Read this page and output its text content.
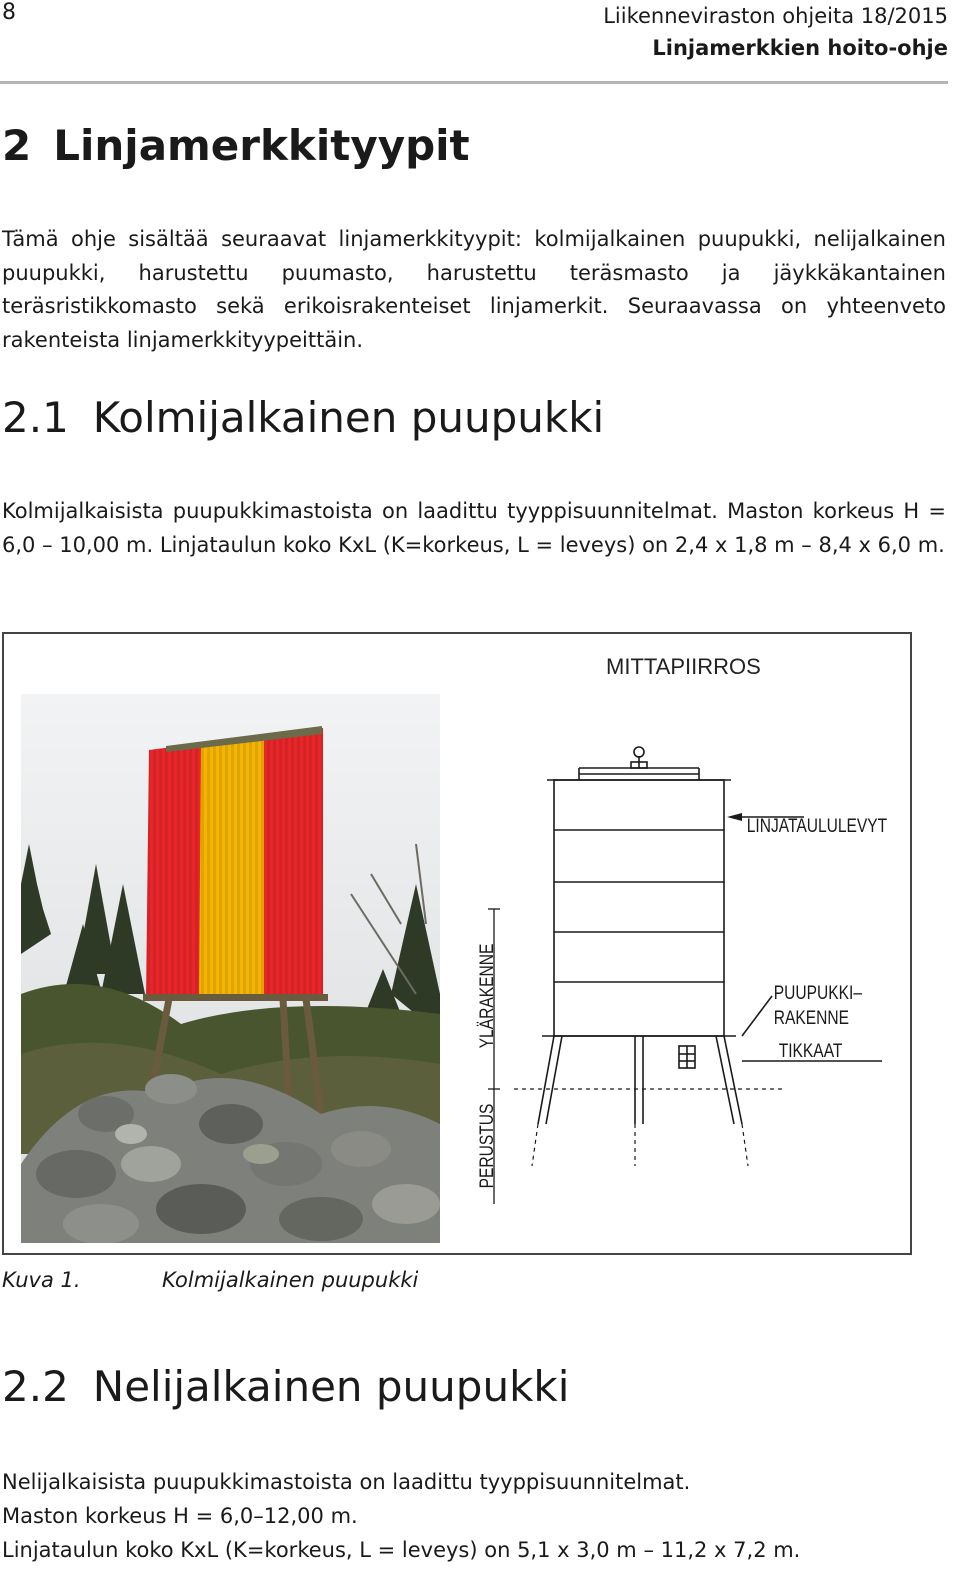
8	Liikenneviraston ohjeita 18/2015
Linjamerkkien hoito-ohje
2 Linjamerkkityypit

Tämä ohje sisältää seuraavat linjamerkkityypit: kolmijalkainen puupukki, nelijalkainen puupukki, harustettu puumasto, harustettu teräsmasto ja jäykkäkantainen teräsristikkomasto sekä erikoisrakenteiset linjamerkit. Seuraavassa on yhteenveto rakenteista linjamerkkityypeittäin.

2.1 Kolmijalkainen puupukki

Kolmijalkaisista puupukkimastoista on laadittu tyyppisuunnitelmat. Maston korkeus H = 6,0 – 10,00 m. Linjataulun koko KxL (K=korkeus, L = leveys) on 2,4 x 1,8 m – 8,4 x 6,0 m.

MITTAPIIRROS
LINJATAULULEVYT
PUUPUKKI–
RAKENNE
TIKKAAT
YLÄRAKENNE
PERUSTUS
Kuva 1.	Kolmijalkainen puupukki
2.2 Nelijalkainen puupukki

Nelijalkaisista puupukkimastoista on laadittu tyyppisuunnitelmat.

Maston korkeus H = 6,0–12,00 m.

Linjataulun koko KxL (K=korkeus, L = leveys) on 5,1 x 3,0 m – 11,2 x 7,2 m.
